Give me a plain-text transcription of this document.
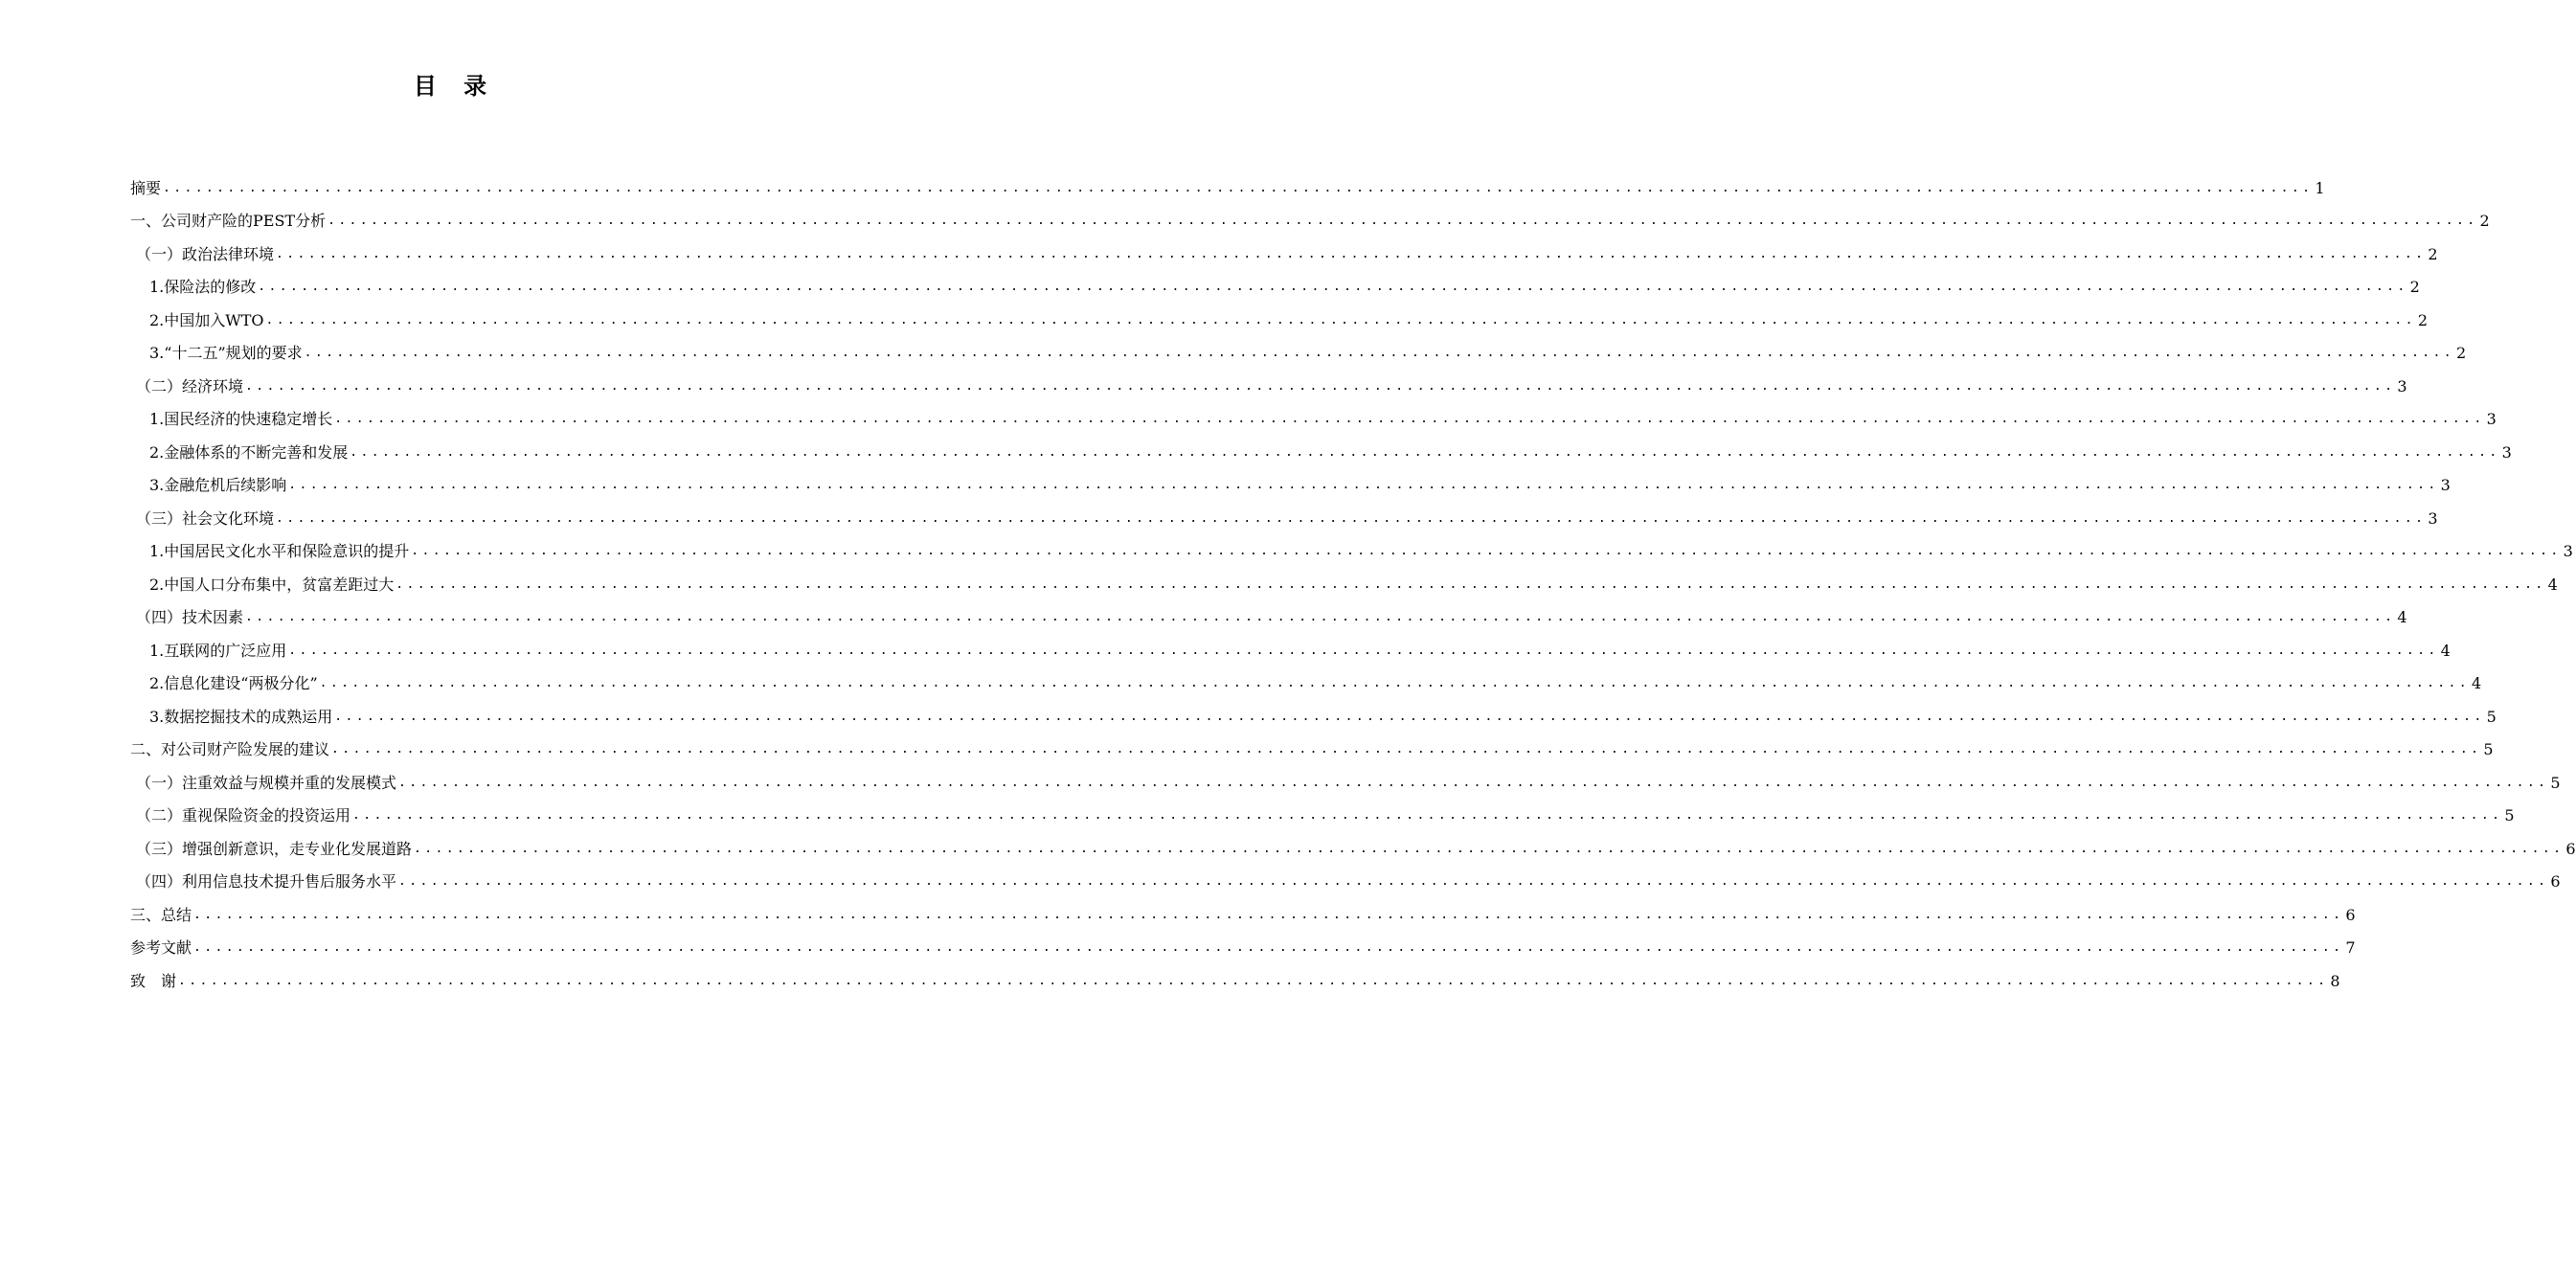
目 录
摘要 ........................................................................................................................................................................................................ 1
一、公司财产险的PEST分析 ........................................................................................................................................................................................................ 2
（一）政治法律环境 ........................................................................................................................................................................................................ 2
1.保险法的修改 ........................................................................................................................................................................................................ 2
2.中国加入WTO ........................................................................................................................................................................................................ 2
3.“十二五”规划的要求 ........................................................................................................................................................................................................ 2
（二）经济环境 ........................................................................................................................................................................................................ 3
1.国民经济的快速稳定增长 ........................................................................................................................................................................................................ 3
2.金融体系的不断完善和发展 ........................................................................................................................................................................................................ 3
3.金融危机后续影响 ........................................................................................................................................................................................................ 3
（三）社会文化环境 ........................................................................................................................................................................................................ 3
1.中国居民文化水平和保险意识的提升 ........................................................................................................................................................................................................ 3
2.中国人口分布集中，贫富差距过大 ........................................................................................................................................................................................................ 4
（四）技术因素 ........................................................................................................................................................................................................ 4
1.互联网的广泛应用 ........................................................................................................................................................................................................ 4
2.信息化建设“两极分化” ........................................................................................................................................................................................................ 4
3.数据挖掘技术的成熟运用 ........................................................................................................................................................................................................ 5
二、对公司财产险发展的建议 ........................................................................................................................................................................................................ 5
（一）注重效益与规模并重的发展模式 ........................................................................................................................................................................................................ 5
（二）重视保险资金的投资运用 ........................................................................................................................................................................................................ 5
（三）增强创新意识，走专业化发展道路 ........................................................................................................................................................................................................ 6
（四）利用信息技术提升售后服务水平 ........................................................................................................................................................................................................ 6
三、总结 ........................................................................................................................................................................................................ 6
参考文献 ........................................................................................................................................................................................................ 7
致　谢 ........................................................................................................................................................................................................ 8
